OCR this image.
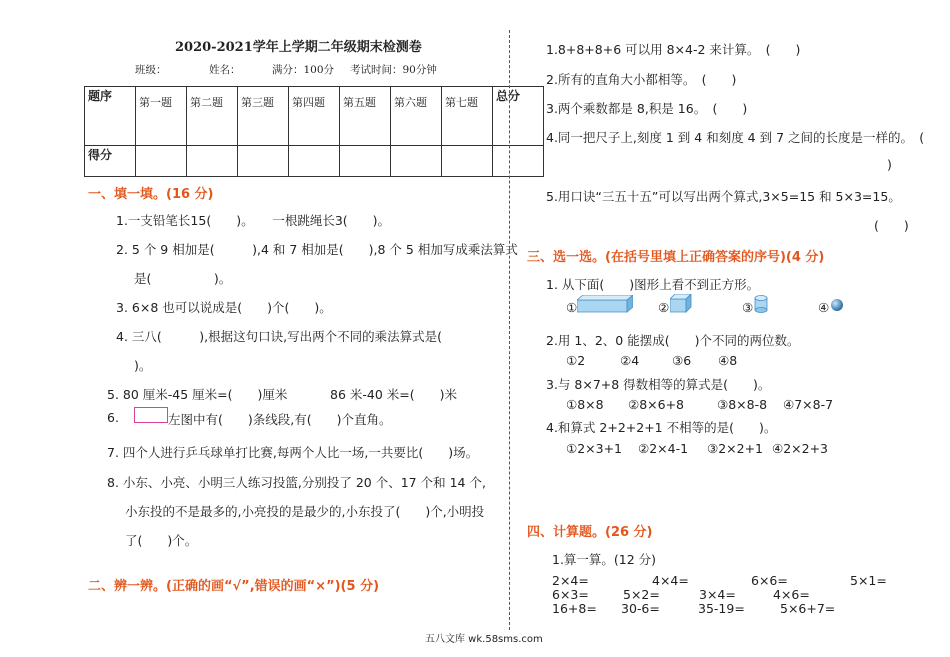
2020-2021学年上学期二年级期末检测卷
班级：	姓名：	满分：100分 考试时间：90分钟
题序	第一题	第二题	第三题	第四题	第五题	第六题	第七题	总分
得分								
一、填一填。(16 分)
1.一支铅笔长15(　　)。　　一根跳绳长3(　　)。
2. 5 个 9 相加是(　　　),4 和 7 相加是(　　),8 个 5 相加写成乘法算式
是(　　　　　)。
3. 6×8 也可以说成是(　　)个(　　)。
4. 三八(　　　),根据这句口诀,写出两个不同的乘法算式是(
)。
5. 80 厘米-45 厘米=(　　)厘米	86 米-40 米=(　　)米
6.	左图中有(　　)条线段,有(　　)个直角。
7. 四个人进行乒乓球单打比赛,每两个人比一场,一共要比(　　)场。
8. 小东、小亮、小明三人练习投篮,分别投了 20 个、17 个和 14 个,
小东投的不是最多的,小亮投的是最少的,小东投了(　　)个,小明投
了(　　)个。
二、辨一辨。(正确的画“√”,错误的画“×”)(5 分)
1.8+8+8+6 可以用 8×4-2 来计算。　(　　)
2.所有的直角大小都相等。　(　　)
3.两个乘数都是 8,积是 16。　(　　)
4.同一把尺子上,刻度 1 到 4 和刻度 4 到 7 之间的长度是一样的。　(
)
5.用口诀“三五十五”可以写出两个算式,3×5=15 和 5×3=15。
(　　)
三、选一选。(在括号里填上正确答案的序号)(4 分)
1. 从下面(　　)图形上看不到正方形。
①	②	③	④
2.用 1、2、0 能摆成(　　)个不同的两位数。
①2	②4	③6 ④8
3.与 8×7+8 得数相等的算式是(　　)。
①8×8 ②8×6+8	③8×8-8 ④7×8-7
4.和算式 2+2+2+1 不相等的是(　　)。
①2×3+1 ②2×4-1 ③2×2+1 ④2×2+3
四、计算题。(26 分)
1.算一算。(12 分)
2×4=	4×4=	6×6=	5×1=
6×3=	5×2=	3×4=	4×6=
16+8= 30-6=	35-19=	5×6+7=
五八文库 wk.58sms.com
